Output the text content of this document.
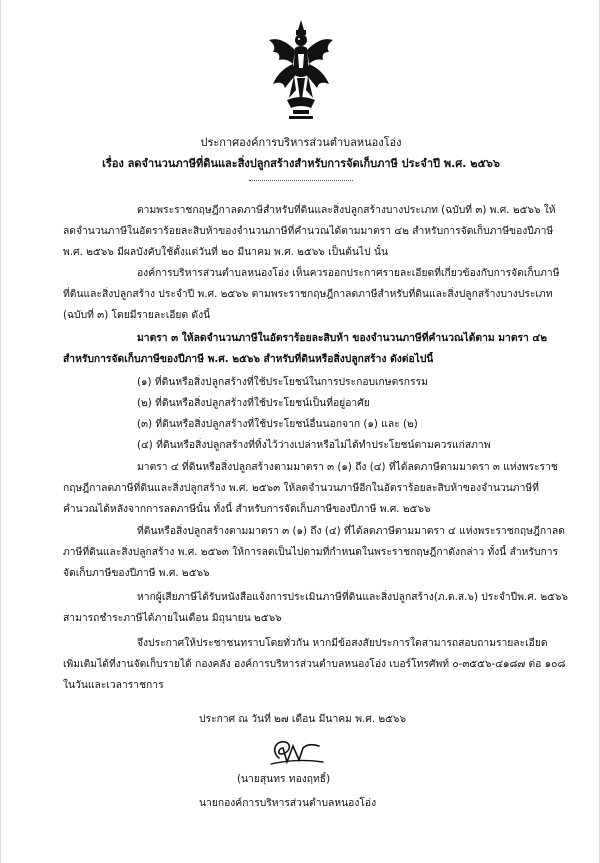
ประกาศองค์การบริหารส่วนตำบลหนองโอ่ง
เรื่อง ลดจำนวนภาษีที่ดินและสิ่งปลูกสร้างสำหรับการจัดเก็บภาษี ประจำปี พ.ศ. ๒๕๖๖
ตามพระราชกฤษฎีกาลดภาษีสำหรับที่ดินและสิ่งปลูกสร้างบางประเภท (ฉบับที่ ๓) พ.ศ. ๒๕๖๖ ให้
ลดจำนวนภาษีในอัตราร้อยละสิบห้าของจำนวนภาษีที่คำนวณได้ตามมาตรา ๔๒ สำหรับการจัดเก็บภาษีของปีภาษี
พ.ศ. ๒๕๖๖ มีผลบังคับใช้ตั้งแต่วันที่ ๒๐ มีนาคม พ.ศ. ๒๕๖๖ เป็นต้นไป นั้น
องค์การบริหารส่วนตำบลหนองโอ่ง เห็นควรออกประกาศรายละเอียดที่เกี่ยวข้องกับการจัดเก็บภาษี
ที่ดินและสิ่งปลูกสร้าง ประจำปี พ.ศ. ๒๕๖๖ ตามพระราชกฤษฎีกาลดภาษีสำหรับที่ดินและสิ่งปลูกสร้างบางประเภท
(ฉบับที่ ๓) โดยมีรายละเอียด ดังนี้
มาตรา ๓ ให้ลดจำนวนภาษีในอัตราร้อยละสิบห้า ของจำนวนภาษีที่คำนวณได้ตาม มาตรา ๔๒
สำหรับการจัดเก็บภาษีของปีภาษี พ.ศ. ๒๕๖๖ สำหรับที่ดินหรือสิ่งปลูกสร้าง ดังต่อไปนี้
(๑) ที่ดินหรือสิ่งปลูกสร้างที่ใช้ประโยชน์ในการประกอบเกษตรกรรม
(๒) ที่ดินหรือสิ่งปลูกสร้างที่ใช้ประโยชน์เป็นที่อยู่อาศัย
(๓) ที่ดินหรือสิ่งปลูกสร้างที่ใช้ประโยชน์อื่นนอกจาก (๑) และ (๒)
(๔) ที่ดินหรือสิ่งปลูกสร้างที่ทิ้งไว้ว่างเปล่าหรือไม่ได้ทำประโยชน์ตามควรแก่สภาพ
มาตรา ๔ ที่ดินหรือสิ่งปลูกสร้างตามมาตรา ๓ (๑) ถึง (๔) ที่ได้ลดภาษีตามมาตรา ๓ แห่งพระราช
กฤษฎีกาลดภาษีที่ดินและสิ่งปลูกสร้าง พ.ศ. ๒๕๖๓ ให้ลดจำนวนภาษีอีกในอัตราร้อยละสิบห้าของจำนวนภาษีที่
คำนวณได้หลังจากการลดภาษีนั้น ทั้งนี้ สำหรับการจัดเก็บภาษีของปีภาษี พ.ศ. ๒๕๖๖
ที่ดินหรือสิ่งปลูกสร้างตามมาตรา ๓ (๑) ถึง (๔) ที่ได้ลดภาษีตามมาตรา ๔ แห่งพระราชกฤษฎีกาลด
ภาษีที่ดินและสิ่งปลูกสร้าง พ.ศ. ๒๕๖๓ ให้การลดเป็นไปตามที่กำหนดในพระราชกฤษฎีกาดังกล่าว ทั้งนี้ สำหรับการ
จัดเก็บภาษีของปีภาษี พ.ศ. ๒๕๖๖
หากผู้เสียภาษีได้รับหนังสือแจ้งการประเมินภาษีที่ดินและสิ่งปลูกสร้าง(ภ.ด.ส.๖) ประจำปีพ.ศ. ๒๕๖๖
สามารถชำระภาษีได้ภายในเดือน มิถุนายน ๒๕๖๖
จึงประกาศให้ประชาชนทราบโดยทั่วกัน หากมีข้อสงสัยประการใดสามารถสอบถามรายละเอียด
เพิ่มเติมได้ที่งานจัดเก็บรายได้ กองคลัง องค์การบริหารส่วนตำบลหนองโอ่ง เบอร์โทรศัพท์ ๐-๓๕๕๖-๔๑๘๗ ต่อ ๑๐๘
ในวันและเวลาราชการ
ประกาศ ณ วันที่ ๒๗ เดือน มีนาคม พ.ศ. ๒๕๖๖
(นายสุนทร ทองฤทธิ์)
นายกองค์การบริหารส่วนตำบลหนองโอ่ง
